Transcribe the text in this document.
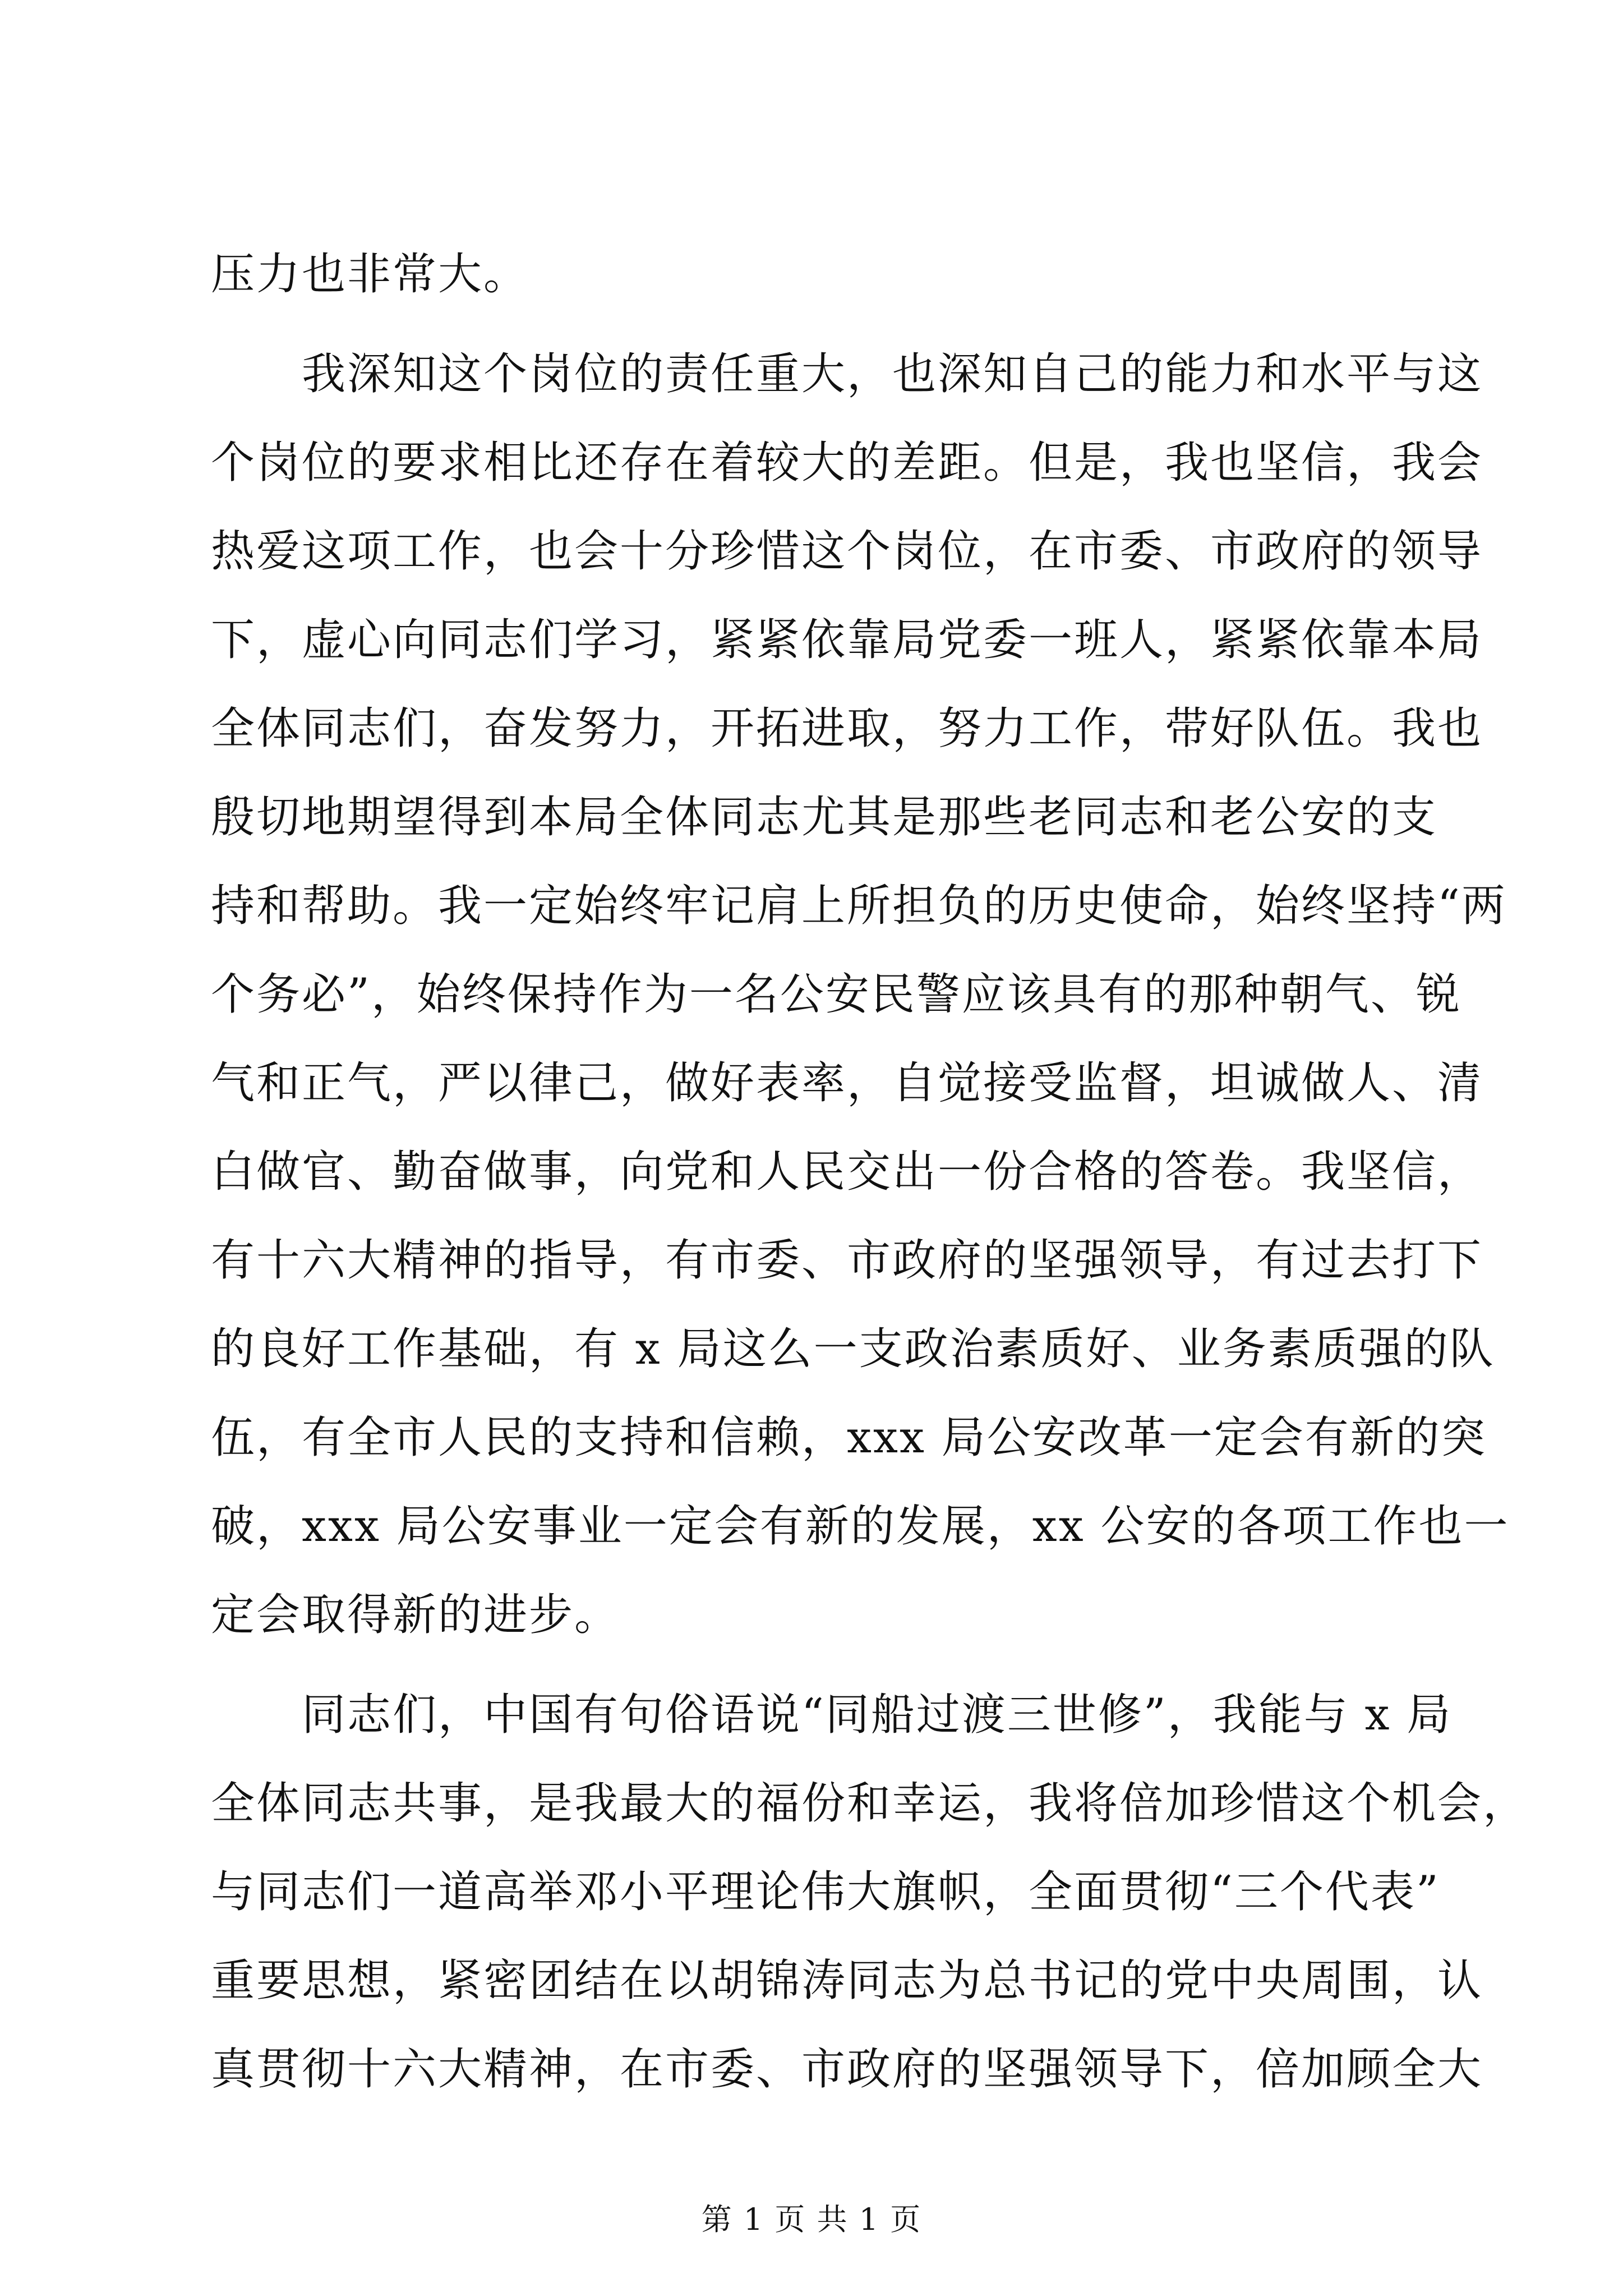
压力也非常大。
我深知这个岗位的责任重大，也深知自己的能力和水平与这
个岗位的要求相比还存在着较大的差距。但是，我也坚信，我会
热爱这项工作，也会十分珍惜这个岗位，在市委、市政府的领导
下，虚心向同志们学习，紧紧依靠局党委一班人，紧紧依靠本局
全体同志们，奋发努力，开拓进取，努力工作，带好队伍。我也
殷切地期望得到本局全体同志尤其是那些老同志和老公安的支
持和帮助。我一定始终牢记肩上所担负的历史使命，始终坚持“两
个务必”，始终保持作为一名公安民警应该具有的那种朝气、锐
气和正气，严以律己，做好表率，自觉接受监督，坦诚做人、清
白做官、勤奋做事，向党和人民交出一份合格的答卷。我坚信，
有十六大精神的指导，有市委、市政府的坚强领导，有过去打下
的良好工作基础，有 x 局这么一支政治素质好、业务素质强的队
伍，有全市人民的支持和信赖，xxx 局公安改革一定会有新的突
破，xxx 局公安事业一定会有新的发展，xx 公安的各项工作也一
定会取得新的进步。
同志们，中国有句俗语说“同船过渡三世修”，我能与 x 局
全体同志共事，是我最大的福份和幸运，我将倍加珍惜这个机会，
与同志们一道高举邓小平理论伟大旗帜，全面贯彻“三个代表”
重要思想，紧密团结在以胡锦涛同志为总书记的党中央周围，认
真贯彻十六大精神，在市委、市政府的坚强领导下，倍加顾全大
第 1 页 共 1 页
